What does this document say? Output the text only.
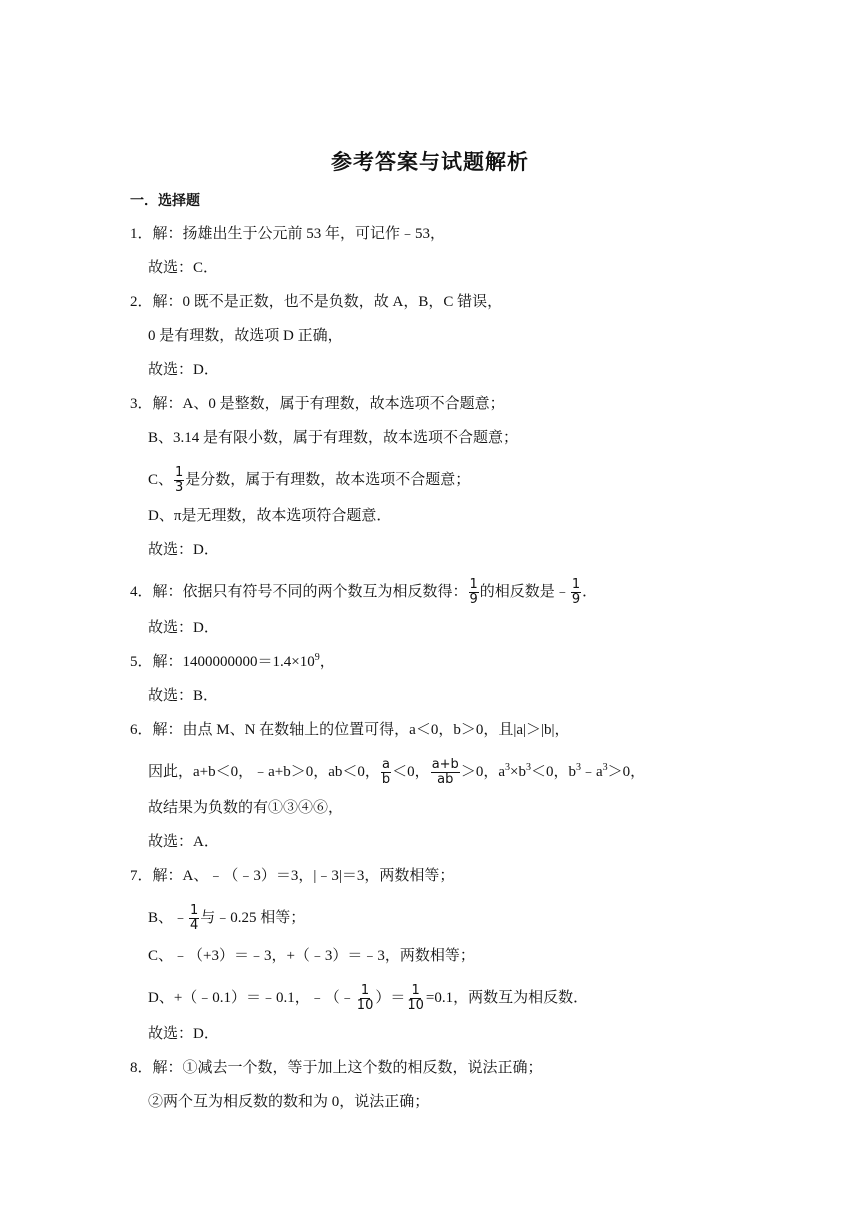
参考答案与试题解析
一．选择题
1．解：扬雄出生于公元前 53 年，可记作﹣53，
故选：C．
2．解：0 既不是正数，也不是负数，故 A，B，C 错误，
0 是有理数，故选项 D 正确，
故选：D．
3．解：A、0 是整数，属于有理数，故本选项不合题意；
B、3.14 是有限小数，属于有理数，故本选项不合题意；
C、 $\frac{1}{3}$ 是分数，属于有理数，故本选项不合题意；
D、π是无理数，故本选项符合题意．
故选：D．
4．解：依据只有符号不同的两个数互为相反数得： $\frac{1}{9}$ 的相反数是﹣ $\frac{1}{9}$ ．
故选：D．
5．解：$1400000000=1.4\times 10^9$，
故选：B．
6．解：由点 M、N 在数轴上的位置可得，a＜0，b＞0，且|a|＞|b|，
因此，a+b＜0，﹣a+b＞0，ab＜0， $\frac{a}{b} <0$， $\frac{a+b}{ab} >0$，$a^3\times b^3<0$，$b^3﹣a^3>0$，
故结果为负数的有①③④⑥，
故选：A．
7．解：A、﹣（﹣3）＝3，|﹣3|＝3，两数相等；
B、﹣ $\frac{1}{4}$ 与﹣0.25 相等；
C、﹣（+3）＝﹣3，+（﹣3）＝﹣3，两数相等；
D、+（﹣0.1）＝﹣0.1，﹣（﹣ $\frac{1}{10}$ ）＝ $\frac{1}{10} =0.1$，两数互为相反数．
故选：D．
8．解：①减去一个数，等于加上这个数的相反数，说法正确；
②两个互为相反数的数和为 0，说法正确；
